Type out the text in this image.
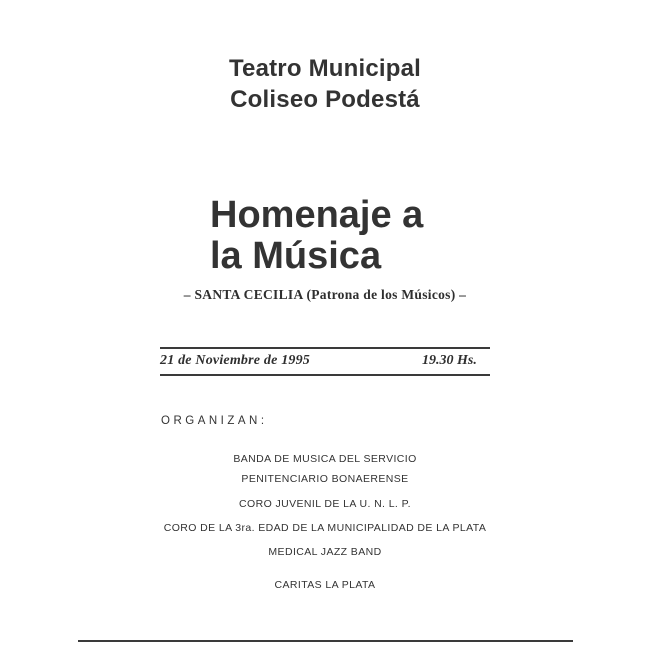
Teatro Municipal
Coliseo Podestá
Homenaje a
la Música
– SANTA CECILIA (Patrona de los Músicos) –
21 de Noviembre de 1995	19.30 Hs.
ORGANIZAN:
BANDA DE MUSICA DEL SERVICIO
PENITENCIARIO BONAERENSE
CORO JUVENIL DE LA U. N. L. P.
CORO DE LA 3ra. EDAD DE LA MUNICIPALIDAD DE LA PLATA
MEDICAL JAZZ BAND
CARITAS LA PLATA
